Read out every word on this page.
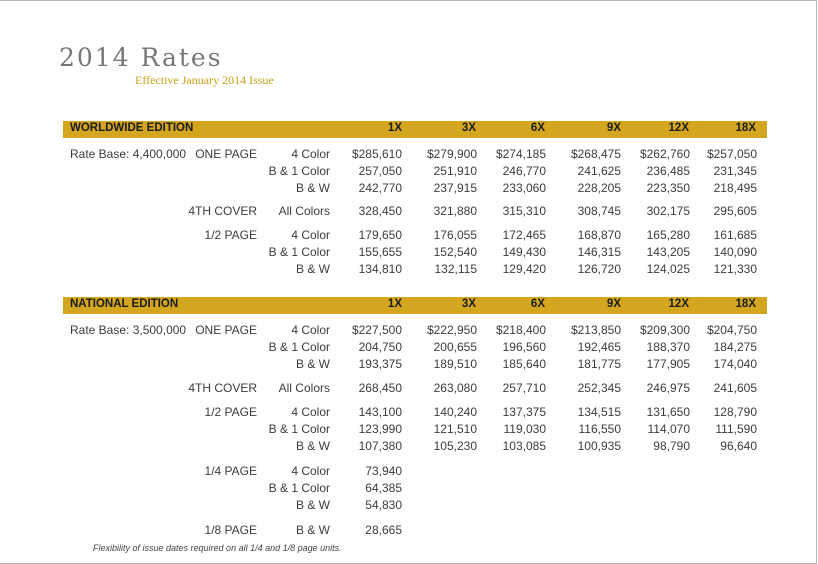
2014 Rates
Effective January 2014 Issue
WORLDWIDE EDITION	1X	3X	6X	9X	12X	18X
Rate Base: 4,400,000 ONE PAGE	4 Color	$285,610	$279,900	$274,185	$268,475	$262,760	$257,050
B & 1 Color	257,050	251,910	246,770	241,625	236,485	231,345
B & W	242,770	237,915	233,060	228,205	223,350	218,495
4TH COVER	All Colors	328,450	321,880	315,310	308,745	302,175	295,605
1/2 PAGE	4 Color	179,650	176,055	172,465	168,870	165,280	161,685
B & 1 Color	155,655	152,540	149,430	146,315	143,205	140,090
B & W	134,810	132,115	129,420	126,720	124,025	121,330
NATIONAL EDITION	1X	3X	6X	9X	12X	18X
Rate Base: 3,500,000 ONE PAGE	4 Color	$227,500	$222,950	$218,400	$213,850	$209,300	$204,750
B & 1 Color	204,750	200,655	196,560	192,465	188,370	184,275
B & W	193,375	189,510	185,640	181,775	177,905	174,040
4TH COVER	All Colors	268,450	263,080	257,710	252,345	246,975	241,605
1/2 PAGE	4 Color	143,100	140,240	137,375	134,515	131,650	128,790
B & 1 Color	123,990	121,510	119,030	116,550	114,070	111,590
B & W	107,380	105,230	103,085	100,935	98,790	96,640
1/4 PAGE	4 Color	73,940
B & 1 Color	64,385
B & W	54,830
1/8 PAGE	B & W	28,665
Flexibility of issue dates required on all 1/4 and 1/8 page units.
